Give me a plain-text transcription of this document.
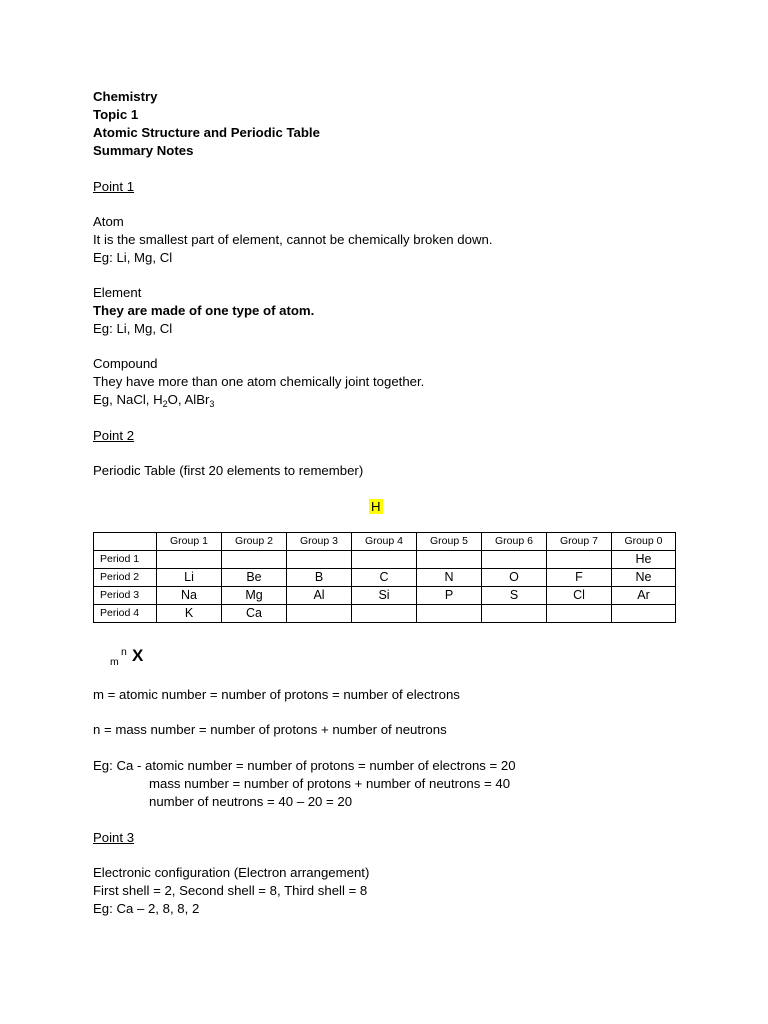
Chemistry
Topic 1
Atomic Structure and Periodic Table
Summary Notes
Point 1
Atom
It is the smallest part of element, cannot be chemically broken down.
Eg: Li, Mg, Cl
Element
They are made of one type of atom.
Eg: Li, Mg, Cl
Compound
They have more than one atom chemically joint together.
Eg, NaCl, $H_2O$, AlBr$_3$
Point 2
Periodic Table (first 20 elements to remember)
H
	Group 1	Group 2	Group 3	Group 4	Group 5	Group 6	Group 7	Group 0
Period 1								He
Period 2	Li	Be	B	C	N	O	F	Ne
Period 3	Na	Mg	Al	Si	P	S	Cl	Ar
Period 4	K	Ca						
m
n X
m = atomic number = number of protons = number of electrons
n = mass number = number of protons + number of neutrons
Eg: Ca - atomic number = number of protons = number of electrons = 20
mass number = number of protons + number of neutrons = 40
number of neutrons = 40 – 20 = 20
Point 3
Electronic configuration (Electron arrangement)
First shell = 2, Second shell = 8, Third shell = 8
Eg: Ca – 2, 8, 8, 2
